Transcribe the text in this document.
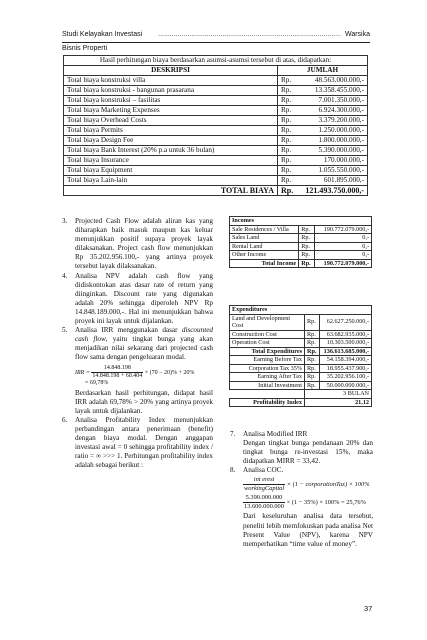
Studi Kelayakan Investasi Bisnis Properti
.............................................................................................. Warsika
Hasil perhitungan biaya berdasarkan asumsi-asumsi tersebut di atas, didapatkan:		
DESKRIPSI	JUMLAH	
Total biaya konstruksi villa	Rp.	48.563.000.000,-
Total biaya konstruksi - bangunan prasarana	Rp.	13.358.455.000,-
Total biaya konstruksi – fasilitas	Rp.	7.001.350.000,-
Total biaya Marketing Expenses	Rp.	6.924.300.000,-
Total biaya Overhead Costs	Rp.	3.379.200.000,-
Total biaya Permits	Rp.	1.250.000.000,-
Total biaya Design Fee	Rp.	1.800.000.000,-
Total biaya Bank Interest (20% p.a untuk 36 bulan)	Rp.	5.390.000.000,-
Total biaya Insurance	Rp.	170.000.000,-
Total biaya Equipment	Rp.	1.055.550.000,-
Total biaya Lain-lain	Rp.	601.895.000,-
TOTAL BIAYA	Rp.	121.493.750.000,-
3. Projected Cash Flow adalah aliran kas yang diharapkan baik masuk maupun kas keluar menunjukkan positif supaya proyek layak dilaksanakan. Project cash flow menunjukkan Rp 35.202.956.100,- yang artinya proyek tersebut layak dilaksanakan.

4. Analisa NPV adalah cash flow yang didiskontokan atas dasar rate of return yang diinginkan. Discount rate yang digunakan adalah 20% sehingga diperoleh NPV Rp 14.848.189.000,-. Hal ini menunjukkan bahwa proyek ini layak untuk dijalankan.

5. Analisa IRR menggunakan dasar discounted cash flow, yaitu tingkat bunga yang akan menjadikan nilai sekarang dari projected cash flow sama dengan pengeluaran modal.

IRR = $\frac{14.848.198}{14.848.198 + 60.404} \times (70 - 20)\% + 20\%$
= 69,78%

Berdasarkan hasil perhitungan, didapat hasil IRR adalah 69,78% > 20% yang artinya proyek layak untuk dijalankan.

6. Analisa Profitability Index menunjukkan perbandingan antara penerimaan (benefit) dengan biaya modal. Dengan anggapan investasi awal = 0 sehingga profitability index / ratio = ∞ >>> 1. Perhitungan profitability index adalah sebagai berikut :

Incomes		
Sale Residences / Villa	Rp.	190.772.079.000,-
Sales Land	Rp.	0,-
Rental Land	Rp.	0,-
Other Income	Rp.	0,-
Total Income	Rp.	190.772.079.000,-
Expenditures		
Land and Development Cost	Rp.	62.627.250.000,-
Construction Cost	Rp.	63.682.935.000,-
Operation Cost	Rp.	10.303.500.000,-
Total Expenditures	Rp.	136.613.685.000,-
Earning Before Tax	Rp.	54.158.394.000,-
Corporation Tax 35%	Rp.	18.955.437.900,-
Earning After Tax	Rp.	35.202.956.100,-
Initial Investment	Rp.	50.000.000.000,-
	3 BULAN	
Profitability Index	21,12	
7. Analisa Modified IRR

Dengan tingkat bunga pendanaan 20% dan tingkat bunga re-investasi 15%, maka didapatkan MIRR = 33,42.

8. Analisa COC.

$\frac{\text{int erest}}{\text{workingCapital}} \times (1$ − corporationTax) × 100%
$\frac{5.390.000.000}{13.600.000.000} \times (1 - 35\%) \times 100\% = 25,76\%$

Dari keseluruhan analisa data tersebut, peneliti lebih memfokuskan pada analisa Net Present Value (NPV), karena NPV memperhatikan “time value of money”.

37
